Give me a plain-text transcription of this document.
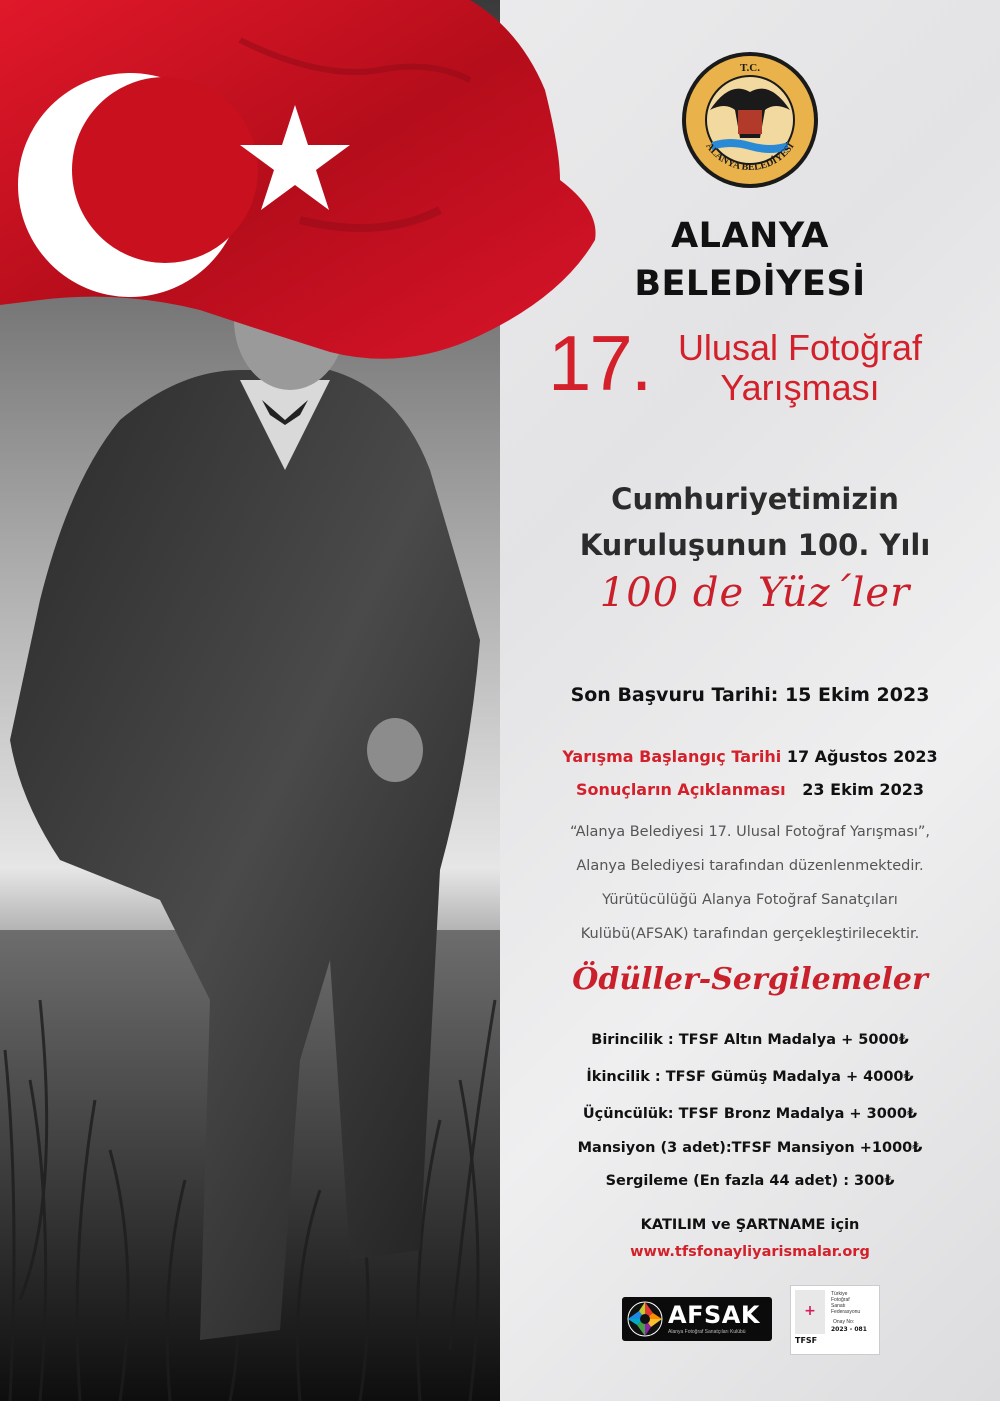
T.C.
ALANYA BELEDİYESİ

ALANYA

BELEDİYESİ

17. Ulusal Fotoğraf
Yarışması

Cumhuriyetimizin

Kuruluşunun 100. Yılı

100 de Yüz´ler

Son Başvuru Tarihi: 15 Ekim 2023

Yarışma Başlangıç Tarihi 17 Ağustos 2023

Sonuçların Açıklanması 23 Ekim 2023

“Alanya Belediyesi 17. Ulusal Fotoğraf Yarışması”,

Alanya Belediyesi tarafından düzenlenmektedir.

Yürütücülüğü Alanya Fotoğraf Sanatçıları

Kulübü(AFSAK) tarafından gerçekleştirilecektir.

Ödüller-Sergilemeler

Birincilik : TFSF Altın Madalya + 5000₺

İkincilik : TFSF Gümüş Madalya + 4000₺

Üçüncülük: TFSF Bronz Madalya + 3000₺

Mansiyon (3 adet):TFSF Mansiyon +1000₺

Sergileme (En fazla 44 adet) : 300₺

KATILIM ve ŞARTNAME için

www.tfsfonayliyarismalar.org

AFSAK
Alanya Fotoğraf Sanatçıları Kulübü
+
TFSF
Türkiye
Fotoğraf
Sanatı
Federasyonu
Onay No:
2023 - 081
